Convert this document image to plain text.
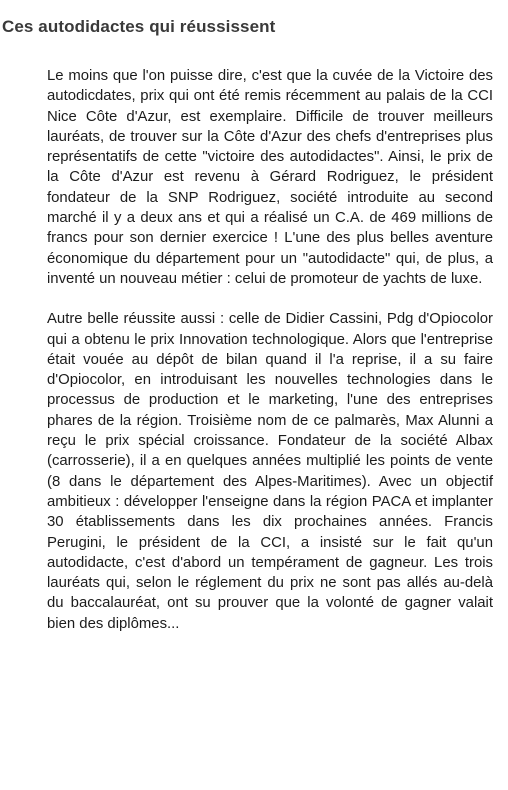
Ces autodidactes qui réussissent

Le moins que l'on puisse dire, c'est que la cuvée de la Victoire des autodicdates, prix qui ont été remis récemment au palais de la CCI Nice Côte d'Azur, est exemplaire. Difficile de trouver meilleurs lauréats, de trouver sur la Côte d'Azur des chefs d'entreprises plus représentatifs de cette "victoire des autodidactes". Ainsi, le prix de la Côte d'Azur est revenu à Gérard Rodriguez, le président fondateur de la SNP Rodriguez, société introduite au second marché il y a deux ans et qui a réalisé un C.A. de 469 millions de francs pour son dernier exercice ! L'une des plus belles aventure économique du département pour un "autodidacte" qui, de plus, a inventé un nouveau métier : celui de promoteur de yachts de luxe.

Autre belle réussite aussi : celle de Didier Cassini, Pdg d'Opiocolor qui a obtenu le prix Innovation technologique. Alors que l'entreprise était vouée au dépôt de bilan quand il l'a reprise, il a su faire d'Opiocolor, en introduisant les nouvelles technologies dans le processus de production et le marketing, l'une des entreprises phares de la région. Troisième nom de ce palmarès, Max Alunni a reçu le prix spécial croissance. Fondateur de la société Albax (carrosserie), il a en quelques années multiplié les points de vente (8 dans le département des Alpes-Maritimes). Avec un objectif ambitieux : développer l'enseigne dans la région PACA et implanter 30 établissements dans les dix prochaines années. Francis Perugini, le président de la CCI, a insisté sur le fait qu'un autodidacte, c'est d'abord un tempérament de gagneur. Les trois lauréats qui, selon le réglement du prix ne sont pas allés au-delà du baccalauréat, ont su prouver que la volonté de gagner valait bien des diplômes...
